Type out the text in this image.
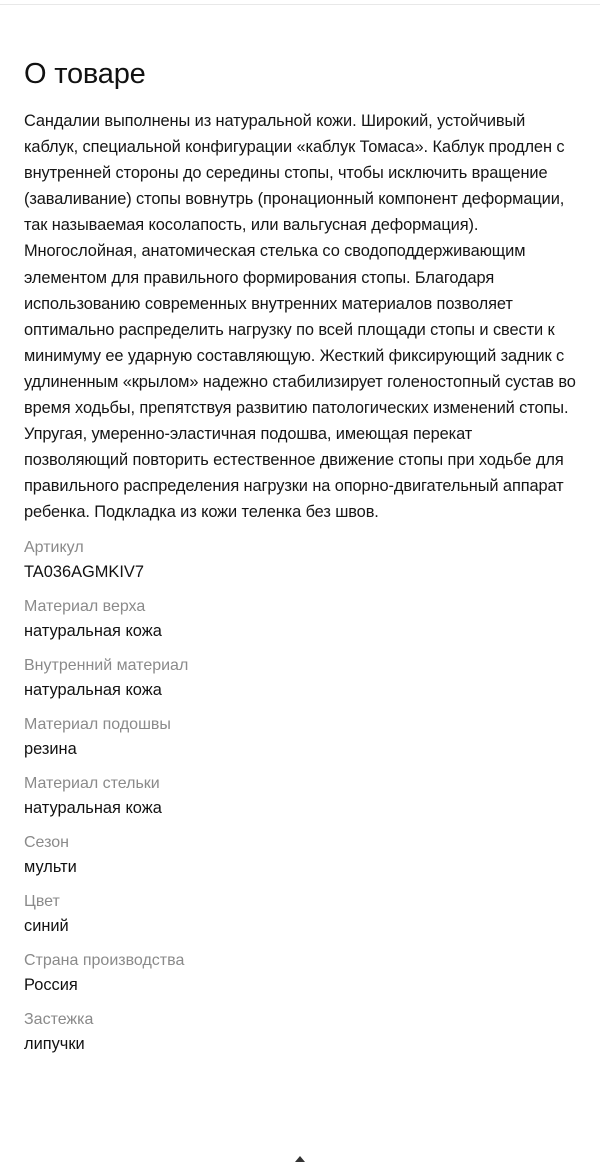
О товаре

Сандалии выполнены из натуральной кожи. Широкий, устойчивый каблук, специальной конфигурации «каблук Томаса». Каблук продлен с внутренней стороны до середины стопы, чтобы исключить вращение (заваливание) стопы вовнутрь (пронационный компонент деформации, так называемая косолапость, или вальгусная деформация). Многослойная, анатомическая стелька со сводоподдерживающим элементом для правильного формирования стопы. Благодаря использованию современных внутренних материалов позволяет оптимально распределить нагрузку по всей площади стопы и свести к минимуму ее ударную составляющую. Жесткий фиксирующий задник с удлиненным «крылом» надежно стабилизирует голеностопный сустав во время ходьбы, препятствуя развитию патологических изменений стопы. Упругая, умеренно-эластичная подошва, имеющая перекат позволяющий повторить естественное движение стопы при ходьбе для правильного распределения нагрузки на опорно-двигательный аппарат ребенка. Подкладка из кожи теленка без швов.

Артикул
TA036AGMKIV7
Материал верха
натуральная кожа
Внутренний материал
натуральная кожа
Материал подошвы
резина
Материал стельки
натуральная кожа
Сезон
мульти
Цвет
синий
Страна производства
Россия
Застежка
липучки
